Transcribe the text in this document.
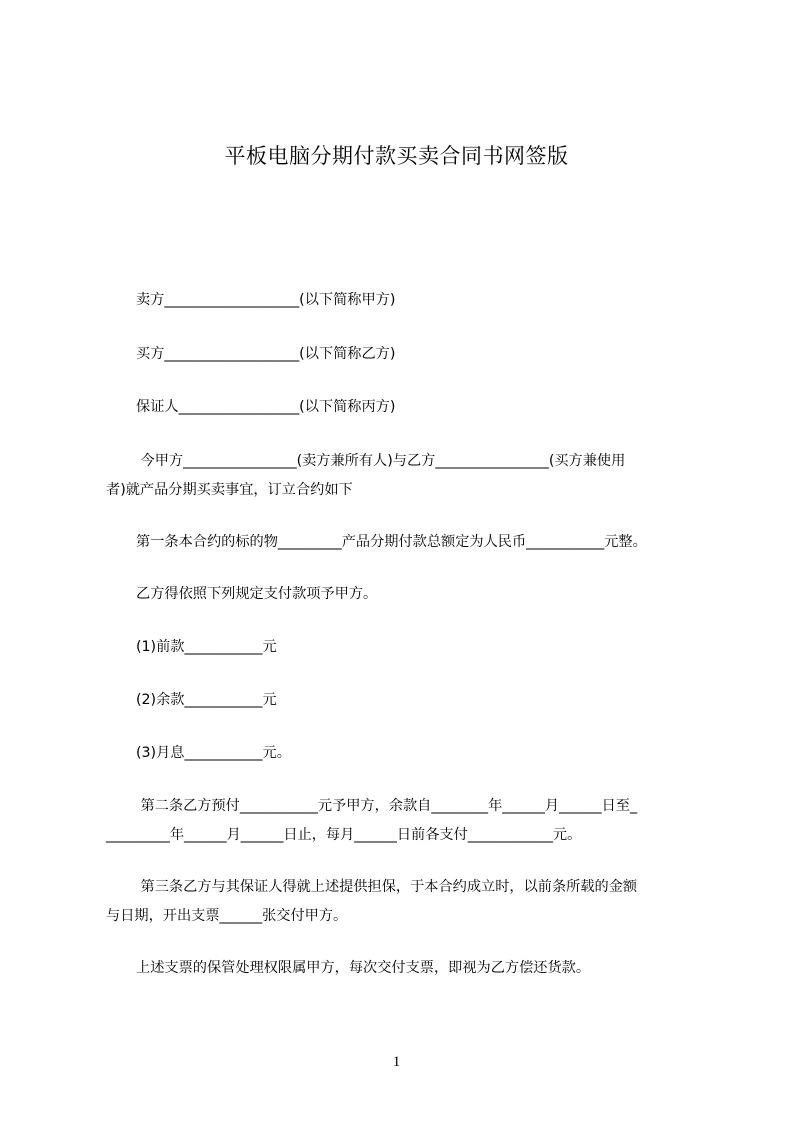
平板电脑分期付款买卖合同书网签版

卖方___________________(以下简称甲方)

买方___________________(以下简称乙方)

保证人_________________(以下简称丙方)

今甲方________________(卖方兼所有人)与乙方________________(买方兼使用
者)就产品分期买卖事宜，订立合约如下

第一条本合约的标的物_________产品分期付款总额定为人民币___________元整。

乙方得依照下列规定支付款项予甲方。

(1)前款___________元

(2)余款___________元

(3)月息___________元。

第二条乙方预付___________元予甲方，余款自________年______月______日至_
_________年______月______日止，每月______日前各支付____________元。

第三条乙方与其保证人得就上述提供担保，于本合约成立时，以前条所载的金额
与日期，开出支票______张交付甲方。

上述支票的保管处理权限属甲方，每次交付支票，即视为乙方偿还货款。

1
